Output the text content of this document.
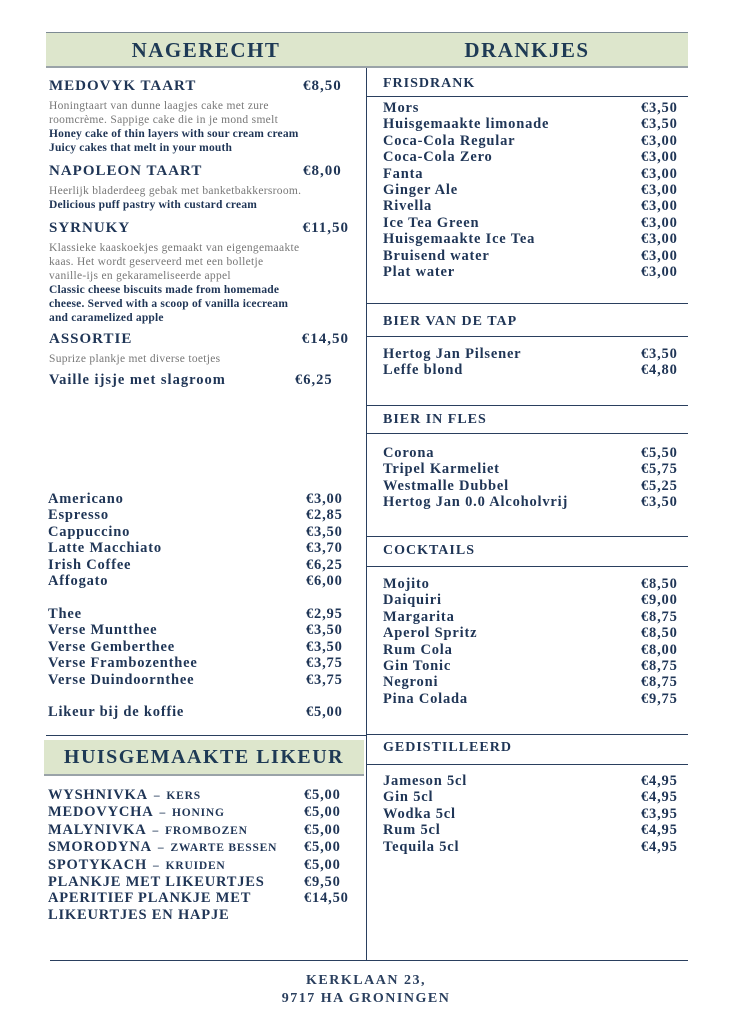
NAGERECHT	DRANKJES
MEDOVYK TAART	€8,50
Honingtaart van dunne laagjes cake met zure roomcrème. Sappige cake die in je mond smelt
Honey cake of thin layers with sour cream cream Juicy cakes that melt in your mouth
NAPOLEON TAART	€8,00
Heerlijk bladerdeeg gebak met banketbakkersroom.
Delicious puff pastry with custard cream
SYRNUKY	€11,50
Klassieke kaaskoekjes gemaakt van eigengemaakte kaas. Het wordt geserveerd met een bolletje vanille-ijs en gekarameliseerde appel
Classic cheese biscuits made from homemade cheese. Served with a scoop of vanilla icecream and caramelized apple
ASSORTIE	€14,50
Suprize plankje met diverse toetjes
Vaille ijsje met slagroom	€6,25
Americano	€3,00
Espresso	€2,85
Cappuccino	€3,50
Latte Macchiato	€3,70
Irish Coffee	€6,25
Affogato	€6,00
Thee	€2,95
Verse Muntthee	€3,50
Verse Gemberthee	€3,50
Verse Frambozenthee	€3,75
Verse Duindoornthee	€3,75
Likeur bij de koffie	€5,00
HUISGEMAAKTE LIKEUR
WYSHNIVKA – KERS	€5,00
MEDOVYCHA – HONING	€5,00
MALYNIVKA – FROMBOZEN	€5,00
SMORODYNA – ZWARTE BESSEN	€5,00
SPOTYKACH – KRUIDEN	€5,00
PLANKJE MET LIKEURTJES	€9,50
APERITIEF PLANKJE MET	€14,50
LIKEURTJES EN HAPJE
FRISDRANK
Mors	€3,50
Huisgemaakte limonade	€3,50
Coca-Cola Regular	€3,00
Coca-Cola Zero	€3,00
Fanta	€3,00
Ginger Ale	€3,00
Rivella	€3,00
Ice Tea Green	€3,00
Huisgemaakte Ice Tea	€3,00
Bruisend water	€3,00
Plat water	€3,00
BIER VAN DE TAP
Hertog Jan Pilsener	€3,50
Leffe blond	€4,80
BIER IN FLES
Corona	€5,50
Tripel Karmeliet	€5,75
Westmalle Dubbel	€5,25
Hertog Jan 0.0 Alcoholvrij	€3,50
COCKTAILS
Mojito	€8,50
Daiquiri	€9,00
Margarita	€8,75
Aperol Spritz	€8,50
Rum Cola	€8,00
Gin Tonic	€8,75
Negroni	€8,75
Pina Colada	€9,75
GEDISTILLEERD
Jameson 5cl	€4,95
Gin 5cl	€4,95
Wodka 5cl	€3,95
Rum 5cl	€4,95
Tequila 5cl	€4,95
KERKLAAN 23,
9717 HA GRONINGEN
